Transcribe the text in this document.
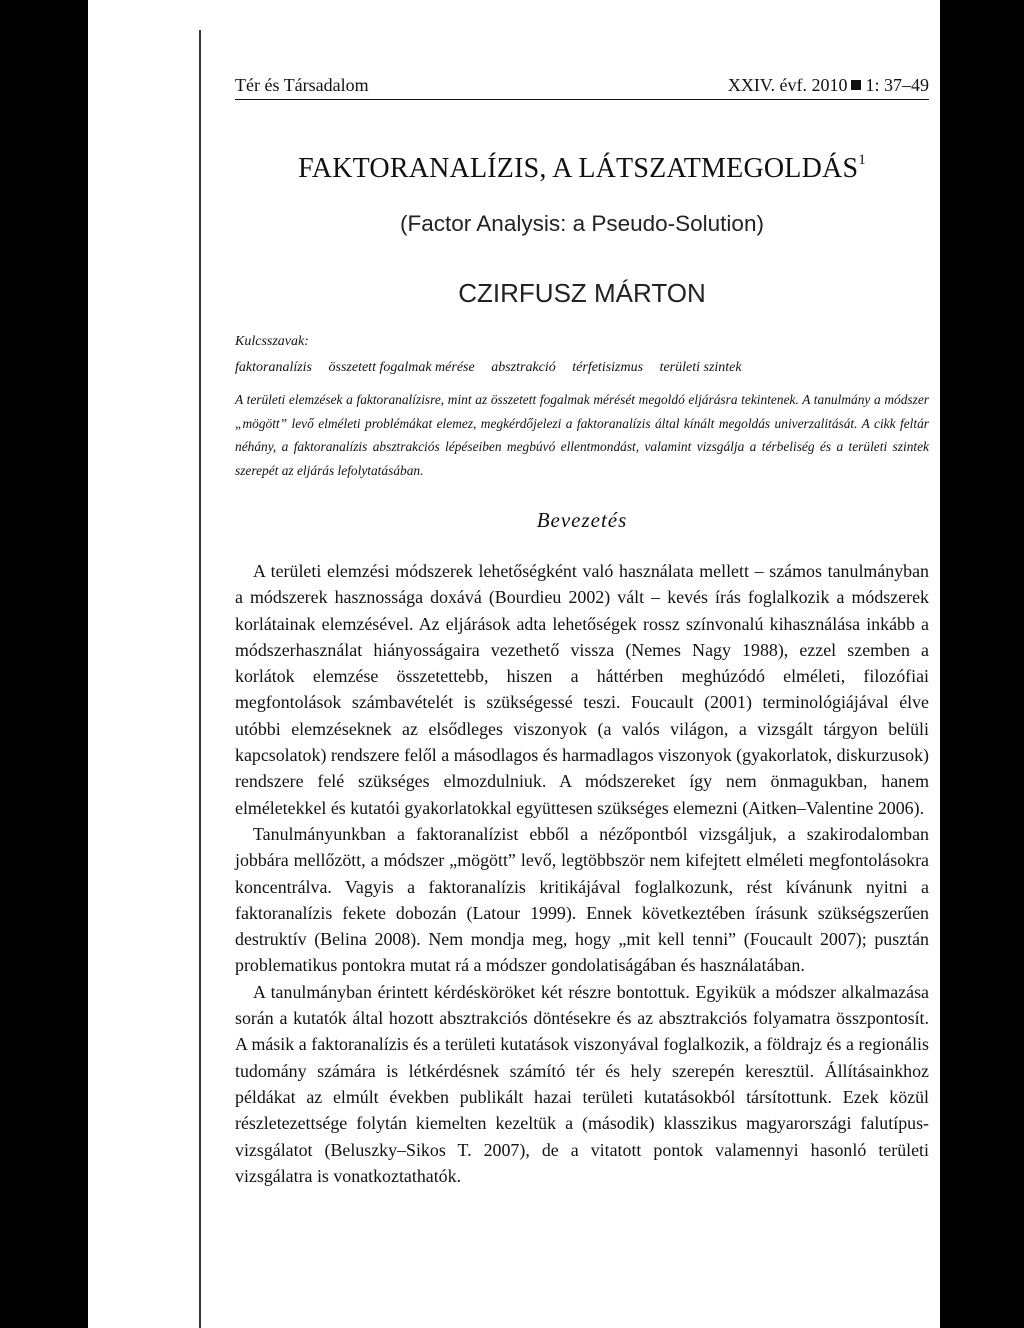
Tér és Társadalom	XXIV. évf. 2010 1: 37–49
FAKTORANALÍZIS, A LÁTSZATMEGOLDÁS$^1$
(Factor Analysis: a Pseudo-Solution)
CZIRFUSZ MÁRTON
Kulcsszavak:
faktoranalízis összetett fogalmak mérése absztrakció térfetisizmus területi szintek
A területi elemzések a faktoranalízisre, mint az összetett fogalmak mérését megoldó eljárásra tekintenek. A tanulmány a módszer „mögött” levő elméleti problémákat elemez, megkérdőjelezi a faktoranalízis által kínált megoldás univerzalitását. A cikk feltár néhány, a faktoranalízis absztrakciós lépéseiben megbúvó ellentmondást, valamint vizsgálja a térbeliség és a területi szintek szerepét az eljárás lefolytatásában.
Bevezetés

A területi elemzési módszerek lehetőségként való használata mellett – számos tanulmányban a módszerek hasznossága doxává (Bourdieu 2002) vált – kevés írás foglalkozik a módszerek korlátainak elemzésével. Az eljárások adta lehetőségek rossz színvonalú kihasználása inkább a módszerhasználat hiányosságaira vezethető vissza (Nemes Nagy 1988), ezzel szemben a korlátok elemzése összetettebb, hiszen a háttérben meghúzódó elméleti, filozófiai megfontolások számbavételét is szükségessé teszi. Foucault (2001) terminológiájával élve utóbbi elemzéseknek az elsődleges viszonyok (a valós világon, a vizsgált tárgyon belüli kapcsolatok) rendszere felől a másodlagos és harmadlagos viszonyok (gyakorlatok, diskurzusok) rendszere felé szükséges elmozdulniuk. A módszereket így nem önmagukban, hanem elméletekkel és kutatói gyakorlatokkal együttesen szükséges elemezni (Aitken–Valentine 2006).

Tanulmányunkban a faktoranalízist ebből a nézőpontból vizsgáljuk, a szakirodalomban jobbára mellőzött, a módszer „mögött” levő, legtöbbször nem kifejtett elméleti megfontolásokra koncentrálva. Vagyis a faktoranalízis kritikájával foglalkozunk, rést kívánunk nyitni a faktoranalízis fekete dobozán (Latour 1999). Ennek következtében írásunk szükségszerűen destruktív (Belina 2008). Nem mondja meg, hogy „mit kell tenni” (Foucault 2007); pusztán problematikus pontokra mutat rá a módszer gondolatiságában és használatában.

A tanulmányban érintett kérdésköröket két részre bontottuk. Egyikük a módszer alkalmazása során a kutatók által hozott absztrakciós döntésekre és az absztrakciós folyamatra összpontosít. A másik a faktoranalízis és a területi kutatások viszonyával foglalkozik, a földrajz és a regionális tudomány számára is létkérdésnek számító tér és hely szerepén keresztül. Állításainkhoz példákat az elmúlt években publikált hazai területi kutatásokból társítottunk. Ezek közül részletezettsége folytán kiemelten kezeltük a (második) klasszikus magyarországi falutípus-vizsgálatot (Beluszky–Sikos T. 2007), de a vitatott pontok valamennyi hasonló területi vizsgálatra is vonatkoztathatók.
